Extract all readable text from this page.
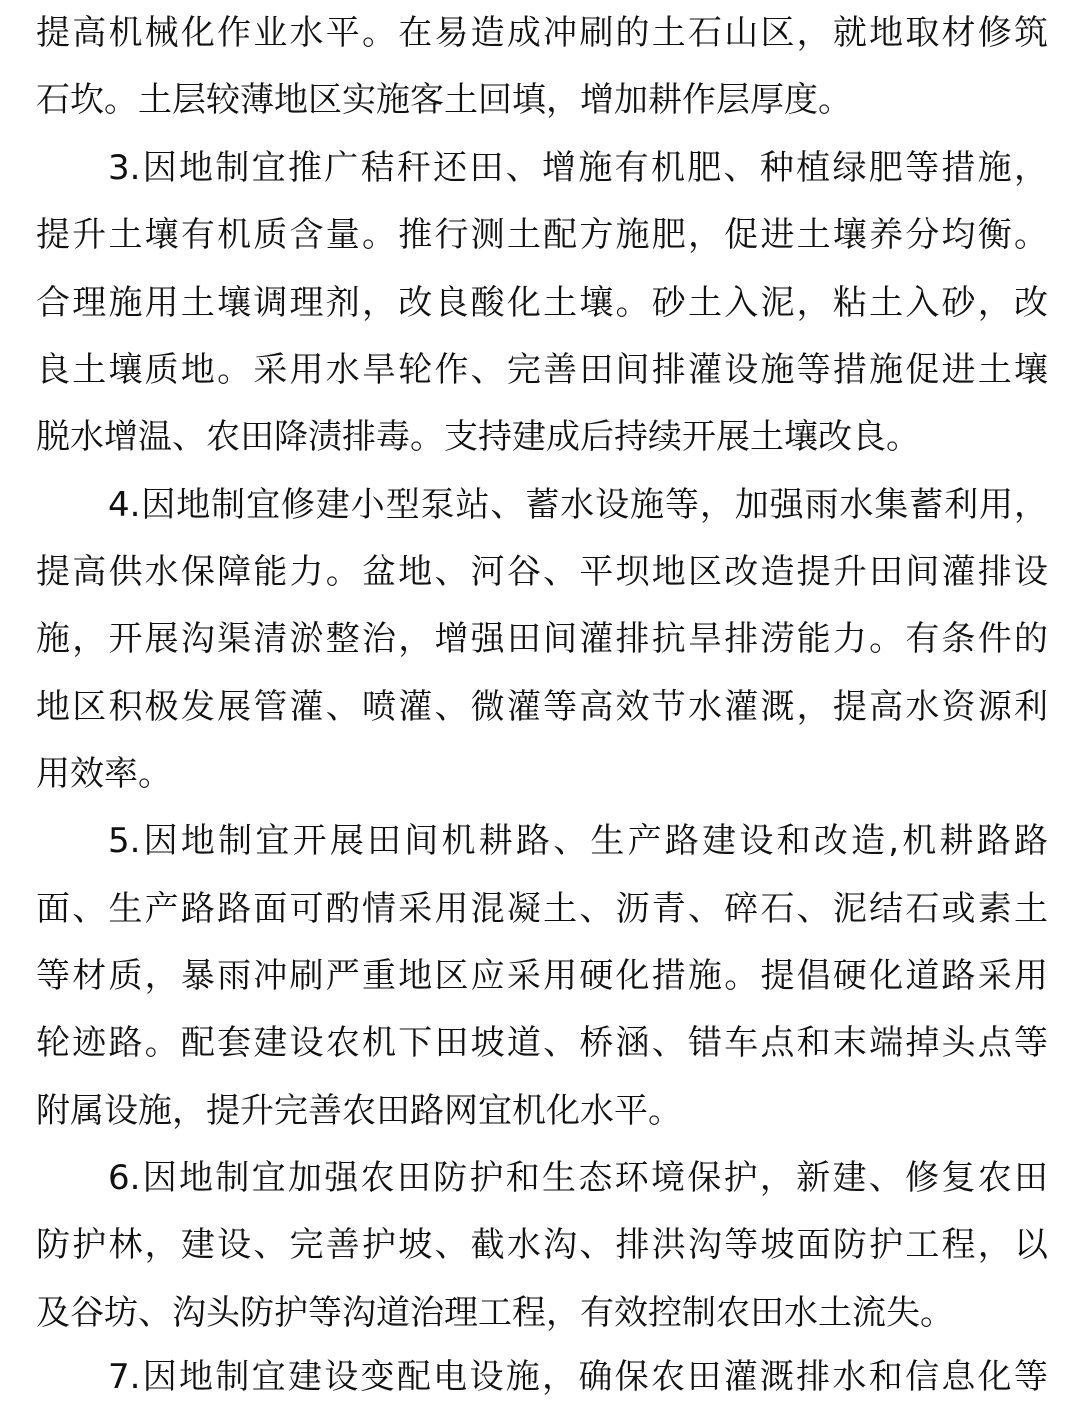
提高机械化作业水平。在易造成冲刷的土石山区，就地取材修筑
石坎。土层较薄地区实施客土回填，增加耕作层厚度。
3.因地制宜推广秸秆还田、增施有机肥、种植绿肥等措施，
提升土壤有机质含量。推行测土配方施肥，促进土壤养分均衡。
合理施用土壤调理剂，改良酸化土壤。砂土入泥，粘土入砂，改
良土壤质地。采用水旱轮作、完善田间排灌设施等措施促进土壤
脱水增温、农田降渍排毒。支持建成后持续开展土壤改良。
4.因地制宜修建小型泵站、蓄水设施等，加强雨水集蓄利用，
提高供水保障能力。盆地、河谷、平坝地区改造提升田间灌排设
施，开展沟渠清淤整治，增强田间灌排抗旱排涝能力。有条件的
地区积极发展管灌、喷灌、微灌等高效节水灌溉，提高水资源利
用效率。
5.因地制宜开展田间机耕路、生产路建设和改造,机耕路路
面、生产路路面可酌情采用混凝土、沥青、碎石、泥结石或素土
等材质，暴雨冲刷严重地区应采用硬化措施。提倡硬化道路采用
轮迹路。配套建设农机下田坡道、桥涵、错车点和末端掉头点等
附属设施，提升完善农田路网宜机化水平。
6.因地制宜加强农田防护和生态环境保护，新建、修复农田
防护林，建设、完善护坡、截水沟、排洪沟等坡面防护工程，以
及谷坊、沟头防护等沟道治理工程，有效控制农田水土流失。
7.因地制宜建设变配电设施，确保农田灌溉排水和信息化等
